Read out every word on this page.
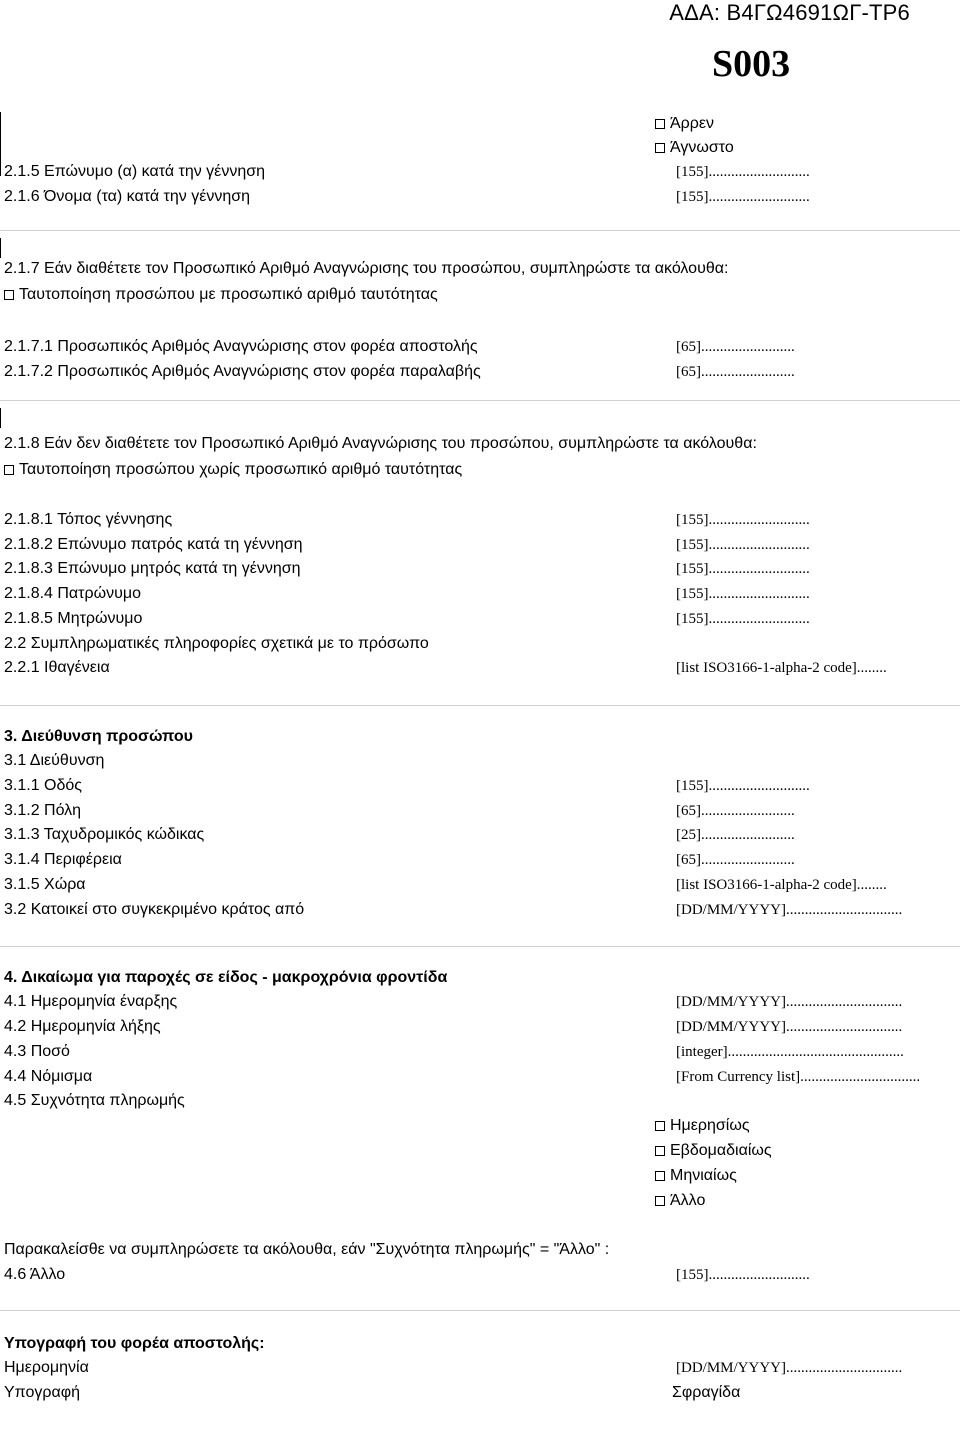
ΑΔΑ: Β4ΓΩ4691ΩΓ-ΤΡ6
S003
Άρρεν
Άγνωστο
2.1.5 Επώνυμο (α) κατά την γέννηση	[155]...........................
2.1.6 Όνομα (τα) κατά την γέννηση	[155]...........................
2.1.7 Εάν διαθέτετε τον Προσωπικό Αριθμό Αναγνώρισης του προσώπου, συμπληρώστε τα ακόλουθα:
Ταυτοποίηση προσώπου με προσωπικό αριθμό ταυτότητας
2.1.7.1 Προσωπικός Αριθμός Αναγνώρισης στον φορέα αποστολής	[65].........................
2.1.7.2 Προσωπικός Αριθμός Αναγνώρισης στον φορέα παραλαβής	[65].........................
2.1.8 Εάν δεν διαθέτετε τον Προσωπικό Αριθμό Αναγνώρισης του προσώπου, συμπληρώστε τα ακόλουθα:
Ταυτοποίηση προσώπου χωρίς προσωπικό αριθμό ταυτότητας
2.1.8.1 Τόπος γέννησης	[155]...........................
2.1.8.2 Επώνυμο πατρός κατά τη γέννηση	[155]...........................
2.1.8.3 Επώνυμο μητρός κατά τη γέννηση	[155]...........................
2.1.8.4 Πατρώνυμο	[155]...........................
2.1.8.5 Μητρώνυμο	[155]...........................
2.2 Συμπληρωματικές πληροφορίες σχετικά με το πρόσωπο
2.2.1 Ιθαγένεια	[list ISO3166-1-alpha-2 code]........
3. Διεύθυνση προσώπου
3.1 Διεύθυνση
3.1.1 Οδός	[155]...........................
3.1.2 Πόλη	[65].........................
3.1.3 Ταχυδρομικός κώδικας	[25].........................
3.1.4 Περιφέρεια	[65].........................
3.1.5 Χώρα	[list ISO3166-1-alpha-2 code]........
3.2 Κατοικεί στο συγκεκριμένο κράτος από	[DD/MM/YYYY]...............................
4. Δικαίωμα για παροχές σε είδος - μακροχρόνια φροντίδα
4.1 Ημερομηνία έναρξης	[DD/MM/YYYY]...............................
4.2 Ημερομηνία λήξης	[DD/MM/YYYY]...............................
4.3 Ποσό	[integer]...............................................
4.4 Νόμισμα	[From Currency list]................................
4.5 Συχνότητα πληρωμής
Ημερησίως
Εβδομαδιαίως
Μηνιαίως
Άλλο
Παρακαλείσθε να συμπληρώσετε τα ακόλουθα, εάν "Συχνότητα πληρωμής" = "Άλλο" :
4.6 Άλλο	[155]...........................
Υπογραφή του φορέα αποστολής:
Ημερομηνία	[DD/MM/YYYY]...............................
Υπογραφή	Σφραγίδα
